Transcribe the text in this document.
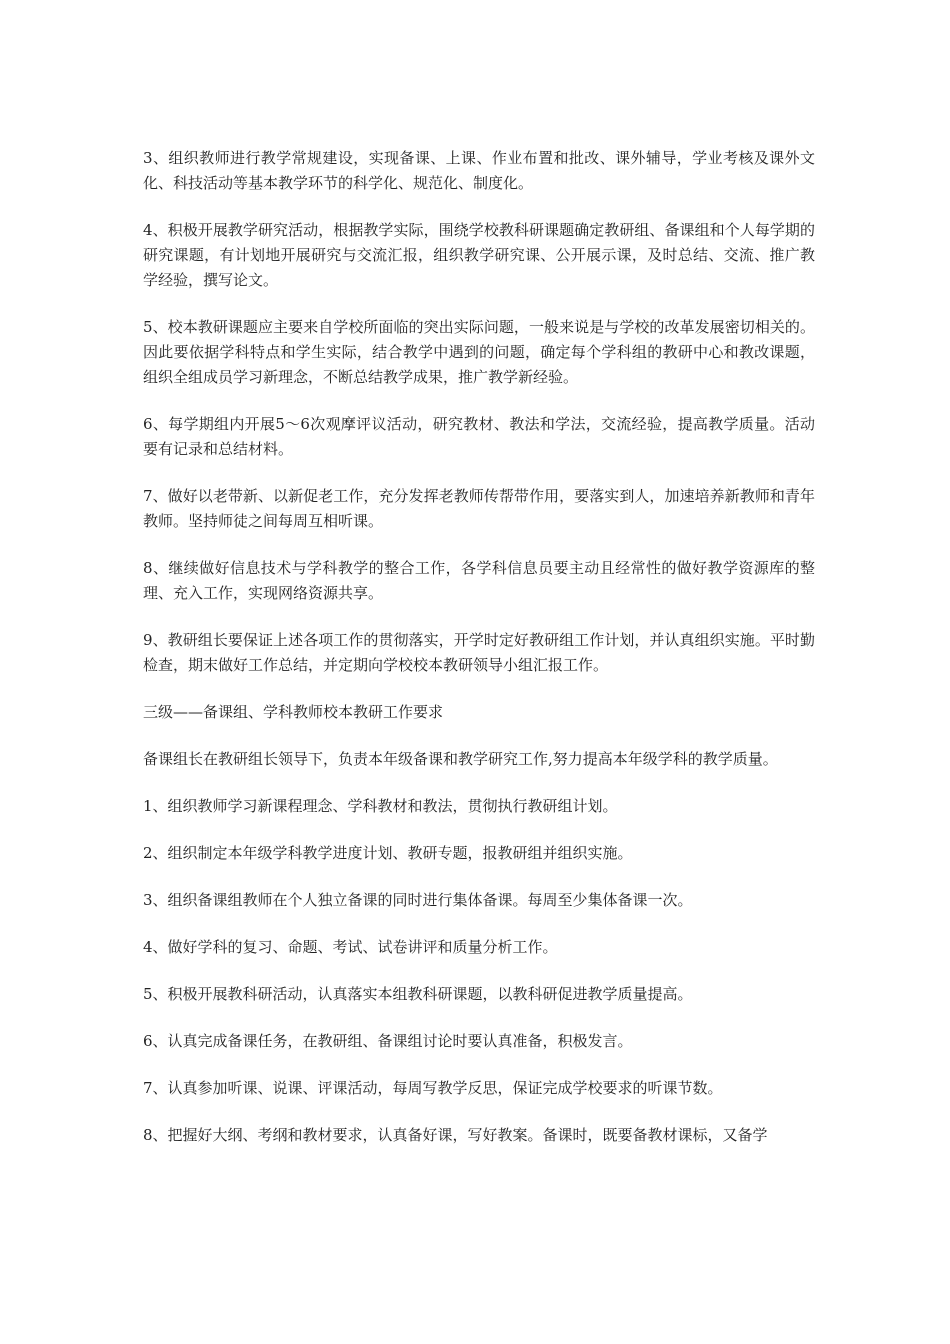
3、组织教师进行教学常规建设，实现备课、上课、作业布置和批改、课外辅导，学业考核及课外文化、科技活动等基本教学环节的科学化、规范化、制度化。

4、积极开展教学研究活动，根据教学实际，围绕学校教科研课题确定教研组、备课组和个人每学期的研究课题，有计划地开展研究与交流汇报，组织教学研究课、公开展示课，及时总结、交流、推广教学经验，撰写论文。

5、校本教研课题应主要来自学校所面临的突出实际问题，一般来说是与学校的改革发展密切相关的。因此要依据学科特点和学生实际，结合教学中遇到的问题，确定每个学科组的教研中心和教改课题，组织全组成员学习新理念，不断总结教学成果，推广教学新经验。

6、每学期组内开展5～6次观摩评议活动，研究教材、教法和学法，交流经验，提高教学质量。活动要有记录和总结材料。

7、做好以老带新、以新促老工作，充分发挥老教师传帮带作用，要落实到人，加速培养新教师和青年教师。坚持师徒之间每周互相听课。

8、继续做好信息技术与学科教学的整合工作，各学科信息员要主动且经常性的做好教学资源库的整理、充入工作，实现网络资源共享。

9、教研组长要保证上述各项工作的贯彻落实，开学时定好教研组工作计划，并认真组织实施。平时勤检查，期末做好工作总结，并定期向学校校本教研领导小组汇报工作。

三级——备课组、学科教师校本教研工作要求

备课组长在教研组长领导下，负责本年级备课和教学研究工作,努力提高本年级学科的教学质量。

1、组织教师学习新课程理念、学科教材和教法，贯彻执行教研组计划。

2、组织制定本年级学科教学进度计划、教研专题，报教研组并组织实施。

3、组织备课组教师在个人独立备课的同时进行集体备课。每周至少集体备课一次。

4、做好学科的复习、命题、考试、试卷讲评和质量分析工作。

5、积极开展教科研活动，认真落实本组教科研课题，以教科研促进教学质量提高。

6、认真完成备课任务，在教研组、备课组讨论时要认真准备，积极发言。

7、认真参加听课、说课、评课活动，每周写教学反思，保证完成学校要求的听课节数。

8、把握好大纲、考纲和教材要求，认真备好课，写好教案。备课时，既要备教材课标，又备学
